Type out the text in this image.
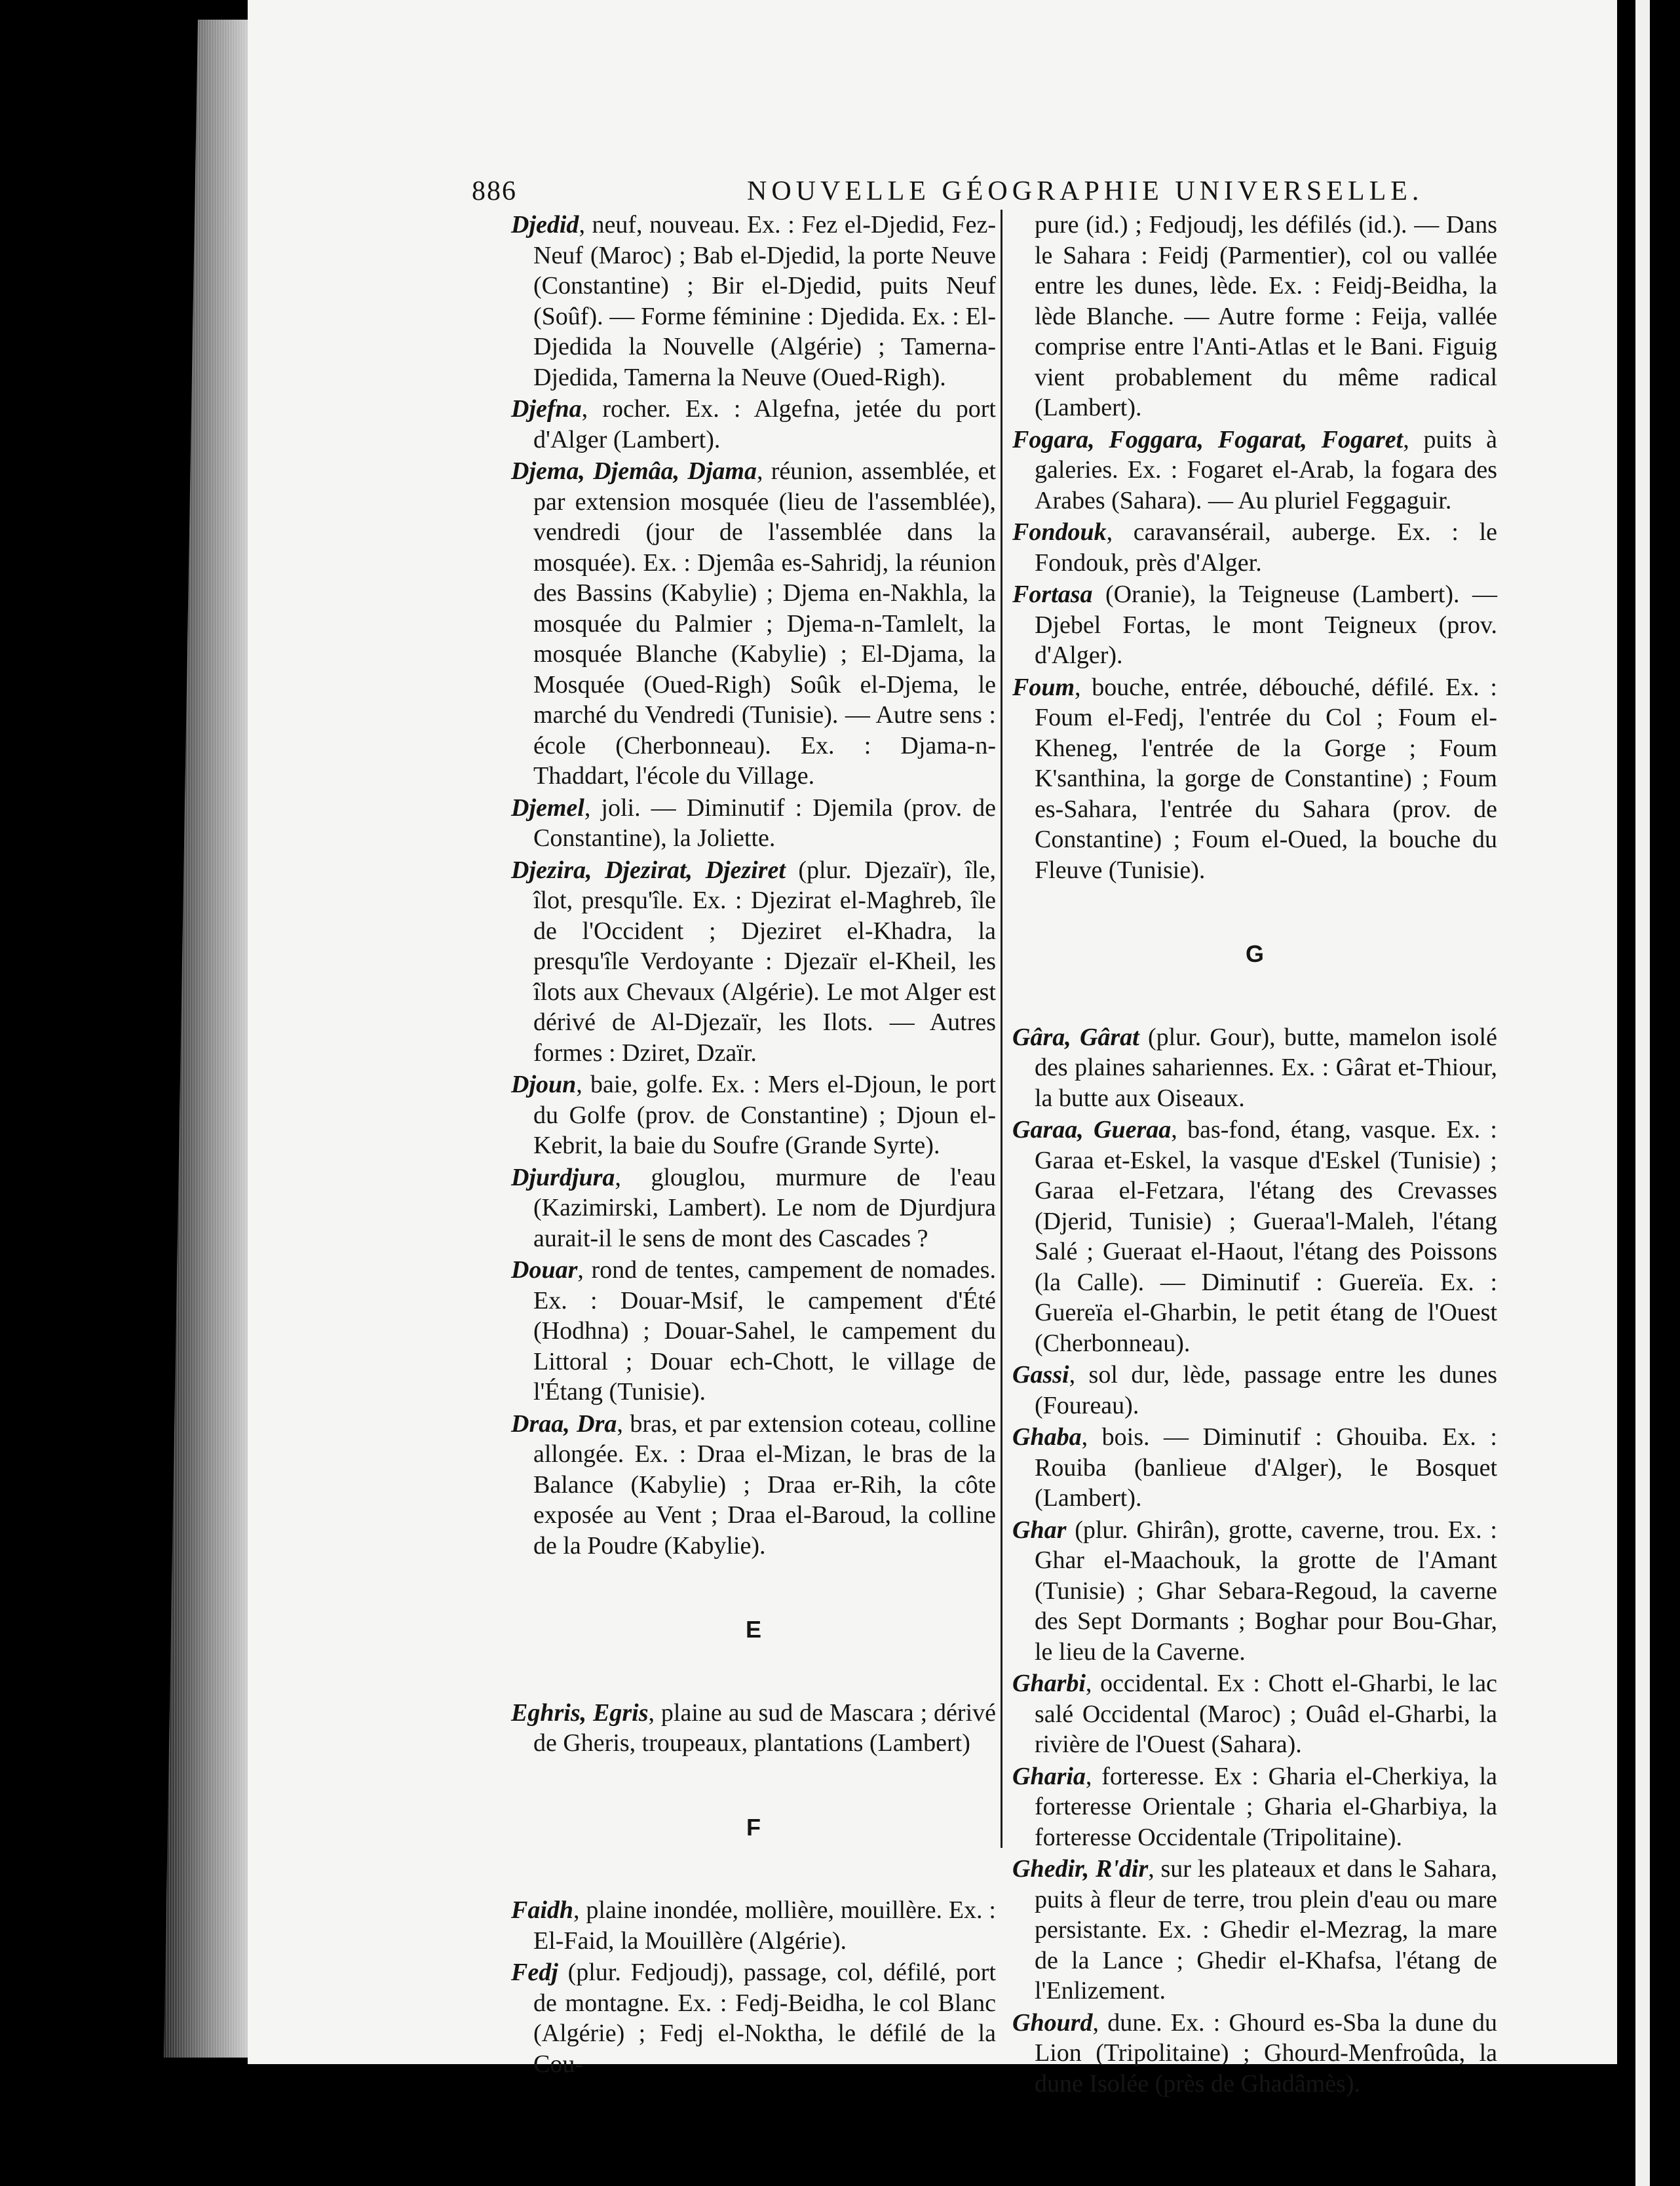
886	NOUVELLE GÉOGRAPHIE UNIVERSELLE.
Djedid, neuf, nouveau. Ex. : Fez el-Djedid, Fez-Neuf (Maroc) ; Bab el-Djedid, la porte Neuve (Constantine) ; Bir el-Djedid, puits Neuf (Soûf). — Forme féminine : Djedida. Ex. : El-Djedida la Nouvelle (Algérie) ; Tamerna-Djedida, Tamerna la Neuve (Oued-Righ).
Djefna, rocher. Ex. : Algefna, jetée du port d'Alger (Lambert).
Djema, Djemâa, Djama, réunion, assemblée, et par extension mosquée (lieu de l'assemblée), vendredi (jour de l'assemblée dans la mosquée). Ex. : Djemâa es-Sahridj, la réunion des Bassins (Kabylie) ; Djema en-Nakhla, la mosquée du Palmier ; Djema-n-Tamlelt, la mosquée Blanche (Kabylie) ; El-Djama, la Mosquée (Oued-Righ) Soûk el-Djema, le marché du Vendredi (Tunisie). — Autre sens : école (Cherbonneau). Ex. : Djama-n-Thaddart, l'école du Village.
Djemel, joli. — Diminutif : Djemila (prov. de Constantine), la Joliette.
Djezira, Djezirat, Djeziret (plur. Djezaïr), île, îlot, presqu'île. Ex. : Djezirat el-Maghreb, île de l'Occident ; Djeziret el-Khadra, la presqu'île Verdoyante : Djezaïr el-Kheil, les îlots aux Chevaux (Algérie). Le mot Alger est dérivé de Al-Djezaïr, les Ilots. — Autres formes : Dziret, Dzaïr.
Djoun, baie, golfe. Ex. : Mers el-Djoun, le port du Golfe (prov. de Constantine) ; Djoun el-Kebrit, la baie du Soufre (Grande Syrte).
Djurdjura, glouglou, murmure de l'eau (Kazimirski, Lambert). Le nom de Djurdjura aurait-il le sens de mont des Cascades ?
Douar, rond de tentes, campement de nomades. Ex. : Douar-Msif, le campement d'Été (Hodhna) ; Douar-Sahel, le campement du Littoral ; Douar ech-Chott, le village de l'Étang (Tunisie).
Draa, Dra, bras, et par extension coteau, colline allongée. Ex. : Draa el-Mizan, le bras de la Balance (Kabylie) ; Draa er-Rih, la côte exposée au Vent ; Draa el-Baroud, la colline de la Poudre (Kabylie).
E
Eghris, Egris, plaine au sud de Mascara ; dérivé de Gheris, troupeaux, plantations (Lambert)
F
Faidh, plaine inondée, mollière, mouillère. Ex. : El-Faid, la Mouillère (Algérie).
Fedj (plur. Fedjoudj), passage, col, défilé, port de montagne. Ex. : Fedj-Beidha, le col Blanc (Algérie) ; Fedj el-Noktha, le défilé de la Cou-
pure (id.) ; Fedjoudj, les défilés (id.). — Dans le Sahara : Feidj (Parmentier), col ou vallée entre les dunes, lède. Ex. : Feidj-Beidha, la lède Blanche. — Autre forme : Feija, vallée comprise entre l'Anti-Atlas et le Bani. Figuig vient probablement du même radical (Lambert).
Fogara, Foggara, Fogarat, Fogaret, puits à galeries. Ex. : Fogaret el-Arab, la fogara des Arabes (Sahara). — Au pluriel Feggaguir.
Fondouk, caravansérail, auberge. Ex. : le Fondouk, près d'Alger.
Fortasa (Oranie), la Teigneuse (Lambert). — Djebel Fortas, le mont Teigneux (prov. d'Alger).
Foum, bouche, entrée, débouché, défilé. Ex. : Foum el-Fedj, l'entrée du Col ; Foum el-Kheneg, l'entrée de la Gorge ; Foum K'santhina, la gorge de Constantine) ; Foum es-Sahara, l'entrée du Sahara (prov. de Constantine) ; Foum el-Oued, la bouche du Fleuve (Tunisie).
G
Gâra, Gârat (plur. Gour), butte, mamelon isolé des plaines sahariennes. Ex. : Gârat et-Thiour, la butte aux Oiseaux.
Garaa, Gueraa, bas-fond, étang, vasque. Ex. : Garaa et-Eskel, la vasque d'Eskel (Tunisie) ; Garaa el-Fetzara, l'étang des Crevasses (Djerid, Tunisie) ; Gueraa'l-Maleh, l'étang Salé ; Gueraat el-Haout, l'étang des Poissons (la Calle). — Diminutif : Guereïa. Ex. : Guereïa el-Gharbin, le petit étang de l'Ouest (Cherbonneau).
Gassi, sol dur, lède, passage entre les dunes (Foureau).
Ghaba, bois. — Diminutif : Ghouiba. Ex. : Rouiba (banlieue d'Alger), le Bosquet (Lambert).
Ghar (plur. Ghirân), grotte, caverne, trou. Ex. : Ghar el-Maachouk, la grotte de l'Amant (Tunisie) ; Ghar Sebara-Regoud, la caverne des Sept Dormants ; Boghar pour Bou-Ghar, le lieu de la Caverne.
Gharbi, occidental. Ex : Chott el-Gharbi, le lac salé Occidental (Maroc) ; Ouâd el-Gharbi, la rivière de l'Ouest (Sahara).
Gharia, forteresse. Ex : Gharia el-Cherkiya, la forteresse Orientale ; Gharia el-Gharbiya, la forteresse Occidentale (Tripolitaine).
Ghedir, R'dir, sur les plateaux et dans le Sahara, puits à fleur de terre, trou plein d'eau ou mare persistante. Ex. : Ghedir el-Mezrag, la mare de la Lance ; Ghedir el-Khafsa, l'étang de l'Enlizement.
Ghourd, dune. Ex. : Ghourd es-Sba la dune du Lion (Tripolitaine) ; Ghourd-Menfroûda, la dune Isolée (près de Ghadâmès).
